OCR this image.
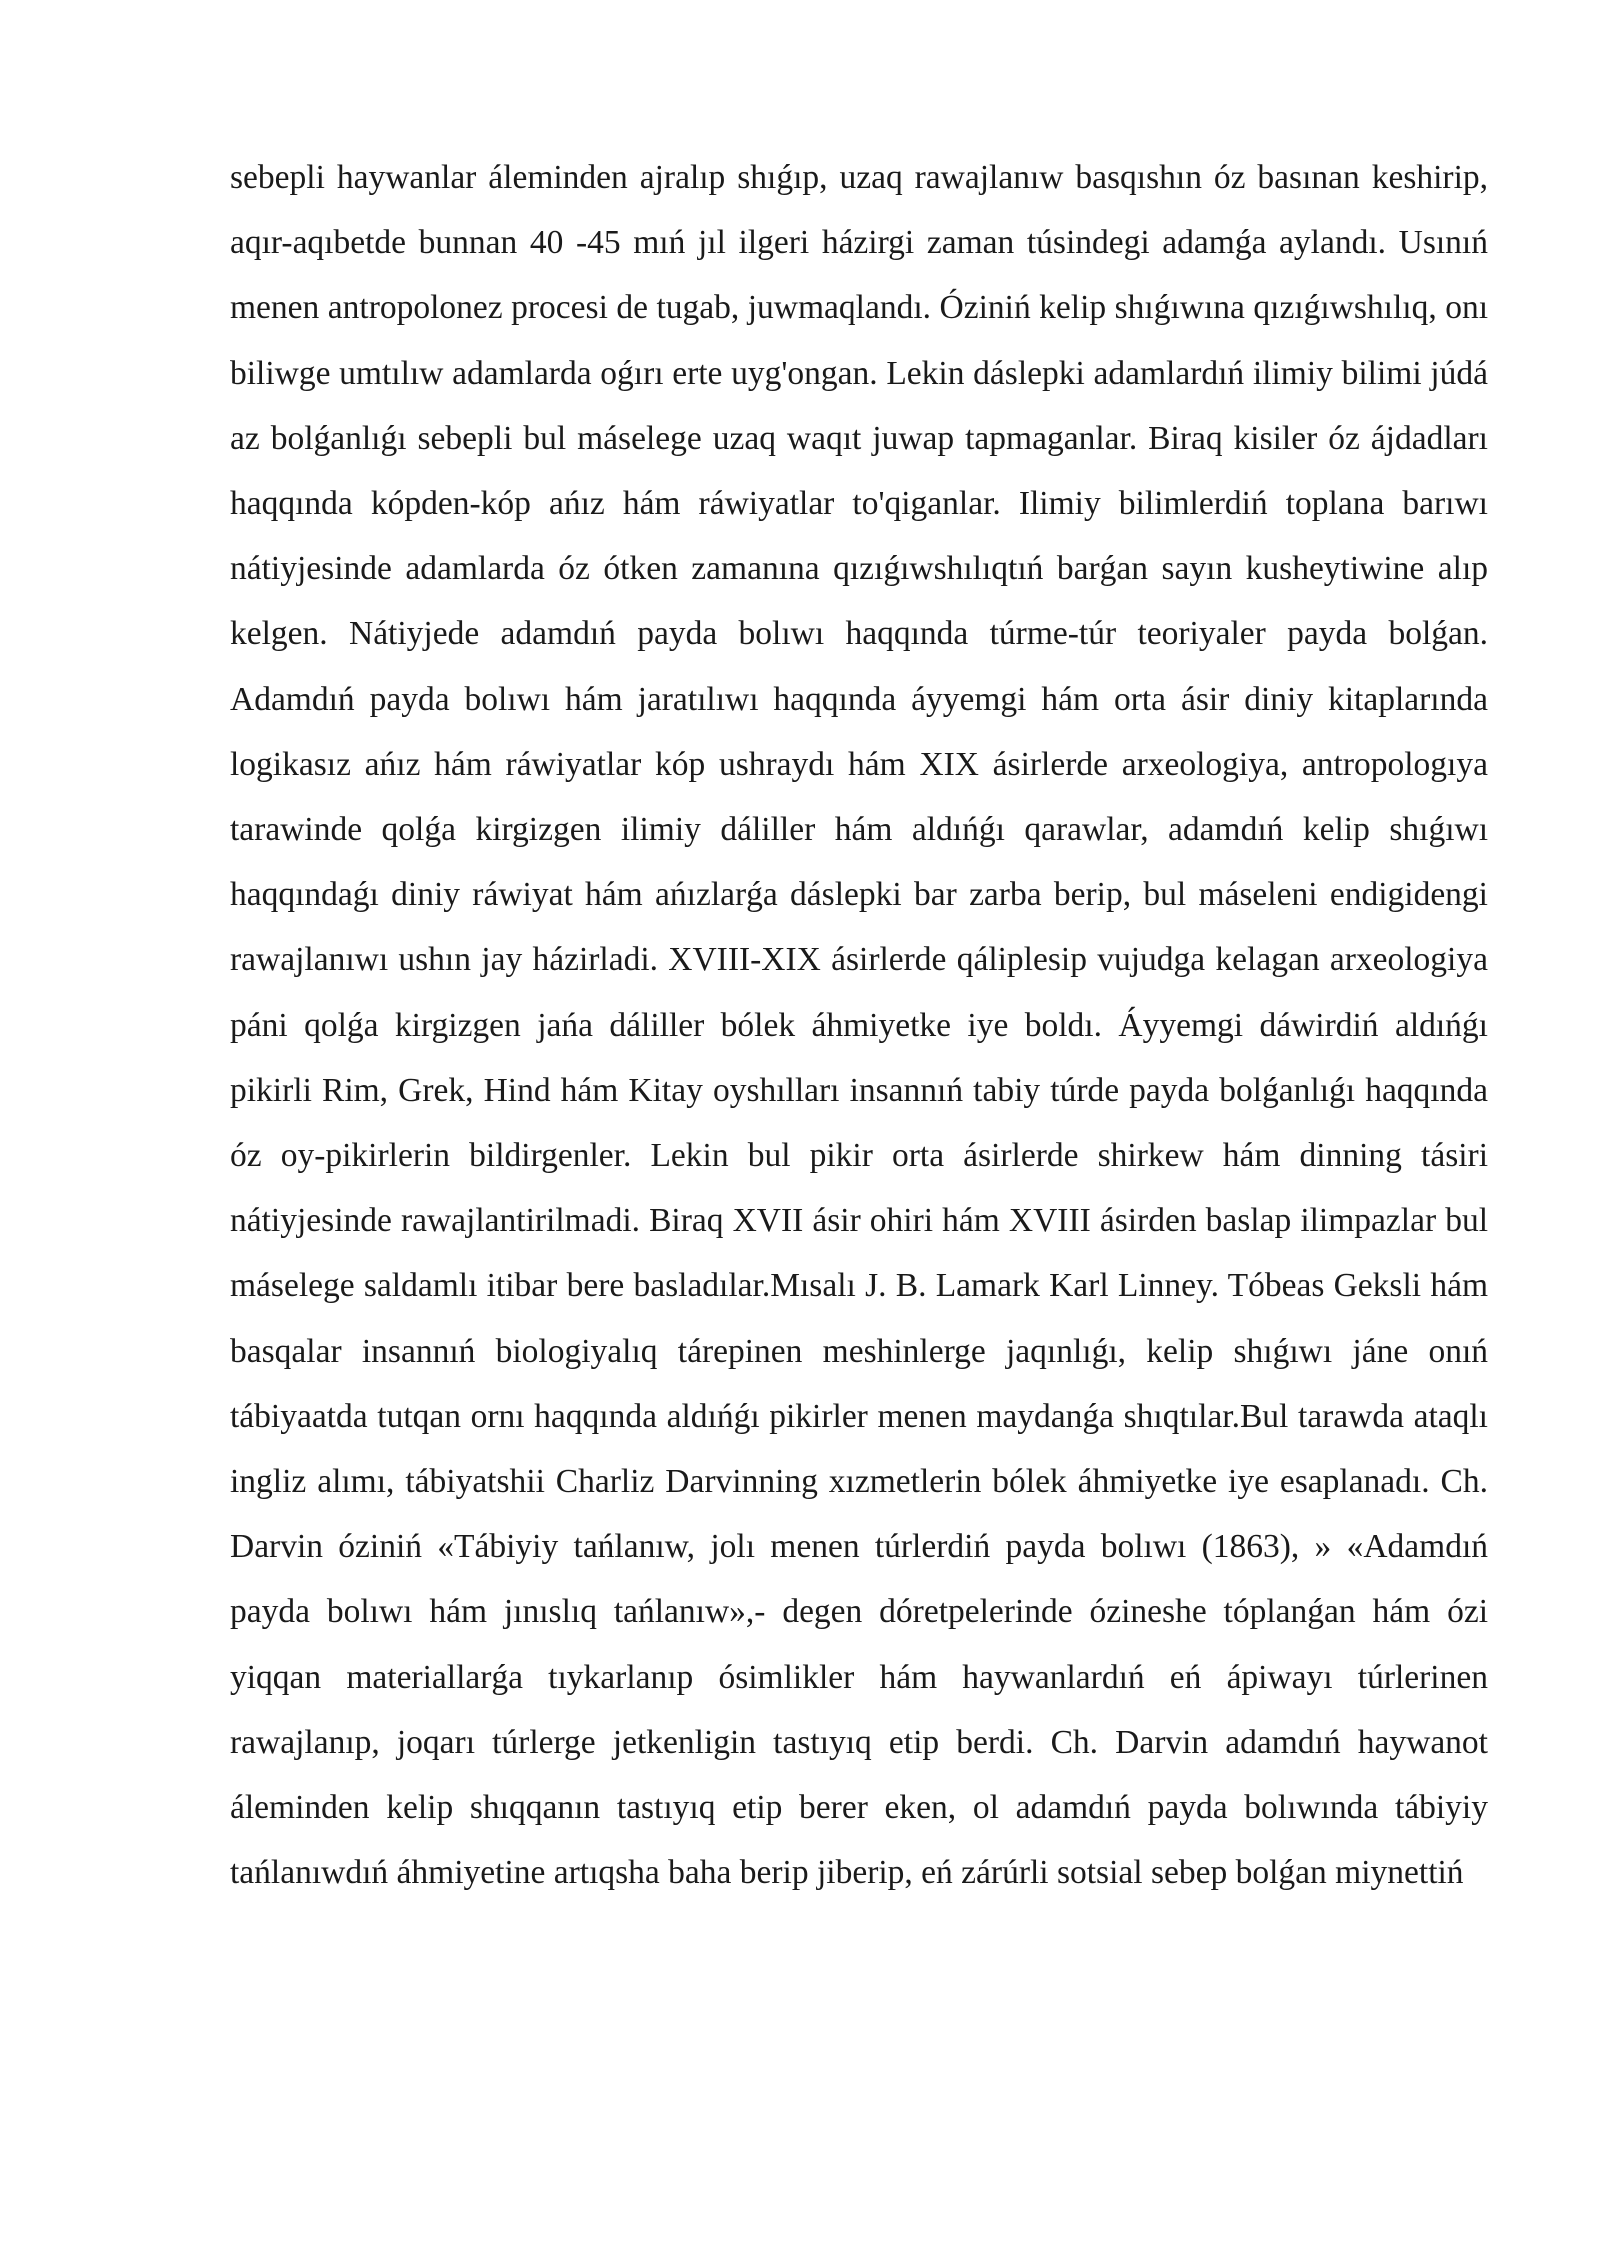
sebepli haywanlar áleminden ajralıp shıǵıp, uzaq rawajlanıw basqıshın óz basınan keshirip, aqır-aqıbetde bunnan 40 -45 mıń jıl ilgeri házirgi zaman túsindegi adamǵa aylandı. Usınıń menen antropolonez procesi de tugab, juwmaqlandı. Óziniń kelip shıǵıwına qızıǵıwshılıq, onı biliwge umtılıw adamlarda oǵırı erte uyg'ongan. Lekin dáslepki adamlardıń ilimiy bilimi júdá az bolǵanlıǵı sebepli bul máselege uzaq waqıt juwap tapmaganlar. Biraq kisiler óz ájdadları haqqında kópden-kóp ańız hám ráwiyatlar to'qiganlar. Ilimiy bilimlerdiń toplana barıwı nátiyjesinde adamlarda óz ótken zamanına qızıǵıwshılıqtıń barǵan sayın kusheytiwine alıp kelgen. Nátiyjede adamdıń payda bolıwı haqqında túrme-túr teoriyaler payda bolǵan. Adamdıń payda bolıwı hám jaratılıwı haqqında áyyemgi hám orta ásir diniy kitaplarında logikasız ańız hám ráwiyatlar kóp ushraydı hám XIX ásirlerde arxeologiya, antropologıya tarawinde qolǵa kirgizgen ilimiy dáliller hám aldıńǵı qarawlar, adamdıń kelip shıǵıwı haqqındaǵı diniy ráwiyat hám ańızlarǵa dáslepki bar zarba berip, bul máseleni endigidengi rawajlanıwı ushın jay házirladi. XVIII-XIX ásirlerde qáliplesip vujudga kelagan arxeologiya páni qolǵa kirgizgen jańa dáliller bólek áhmiyetke iye boldı. Áyyemgi dáwirdiń aldıńǵı pikirli Rim, Grek, Hind hám Kitay oyshılları insannıń tabiy túrde payda bolǵanlıǵı haqqında óz oy-pikirlerin bildirgenler. Lekin bul pikir orta ásirlerde shirkew hám dinning tásiri nátiyjesinde rawajlantirilmadi. Biraq XVII ásir ohiri hám XVIII ásirden baslap ilimpazlar bul máselege saldamlı itibar bere basladılar.Mısalı J. B. Lamark Karl Linney. Tóbeas Geksli hám basqalar insannıń biologiyalıq tárepinen meshinlerge jaqınlıǵı, kelip shıǵıwı jáne onıń tábiyaatda tutqan ornı haqqında aldıńǵı pikirler menen maydanǵa shıqtılar.Bul tarawda ataqlı ingliz alımı, tábiyatshii Charliz Darvinning xızmetlerin bólek áhmiyetke iye esaplanadı. Ch. Darvin óziniń «Tábiyiy tańlanıw, jolı menen túrlerdiń payda bolıwı (1863), » «Adamdıń payda bolıwı hám jınıslıq tańlanıw»,- degen dóretpelerinde ózineshe tóplanǵan hám ózi yiqqan materiallarǵa tıykarlanıp ósimlikler hám haywanlardıń eń ápiwayı túrlerinen rawajlanıp, joqarı túrlerge jetkenligin tastıyıq etip berdi. Ch. Darvin adamdıń haywanot áleminden kelip shıqqanın tastıyıq etip berer eken, ol adamdıń payda bolıwında tábiyiy tańlanıwdıń áhmiyetine artıqsha baha berip jiberip, eń zárúrli sotsial sebep bolǵan miynettiń
